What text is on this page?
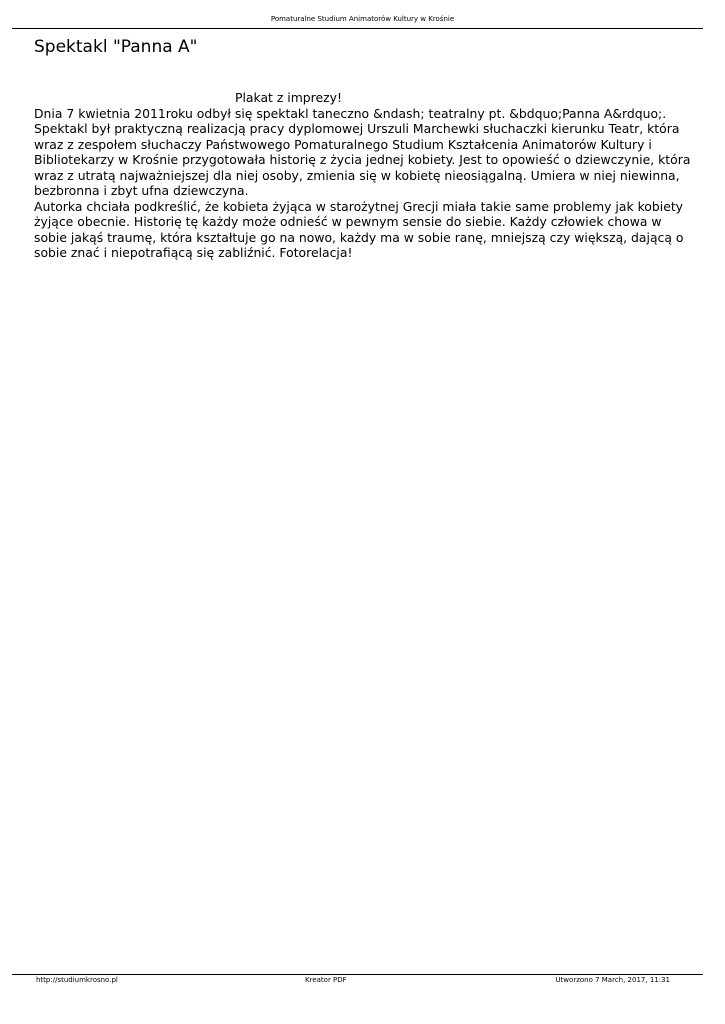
Pomaturalne Studium Animatorów Kultury w Krośnie
Spektakl "Panna A"

Plakat z imprezy!

Dnia 7 kwietnia 2011roku odbył się spektakl taneczno &ndash; teatralny pt. &bdquo;Panna A&rdquo;. Spektakl był praktyczną realizacją pracy dyplomowej Urszuli Marchewki słuchaczki kierunku Teatr, która wraz z zespołem słuchaczy Państwowego Pomaturalnego Studium Kształcenia Animatorów Kultury i Bibliotekarzy w Krośnie przygotowała historię z życia jednej kobiety. Jest to opowieść o dziewczynie, która wraz z utratą najważniejszej dla niej osoby, zmienia się w kobietę nieosiągalną. Umiera w niej niewinna, bezbronna i zbyt ufna dziewczyna.

Autorka chciała podkreślić, że kobieta żyjąca w starożytnej Grecji miała takie same problemy jak kobiety żyjące obecnie. Historię tę każdy może odnieść w pewnym sensie do siebie. Każdy człowiek chowa w sobie jakąś traumę, która kształtuje go na nowo, każdy ma w sobie ranę, mniejszą czy większą, dającą o sobie znać i niepotrafiącą się zabliźnić. Fotorelacja!

http://studiumkrosno.pl	Kreator PDF	Utworzono 7 March, 2017, 11:31
